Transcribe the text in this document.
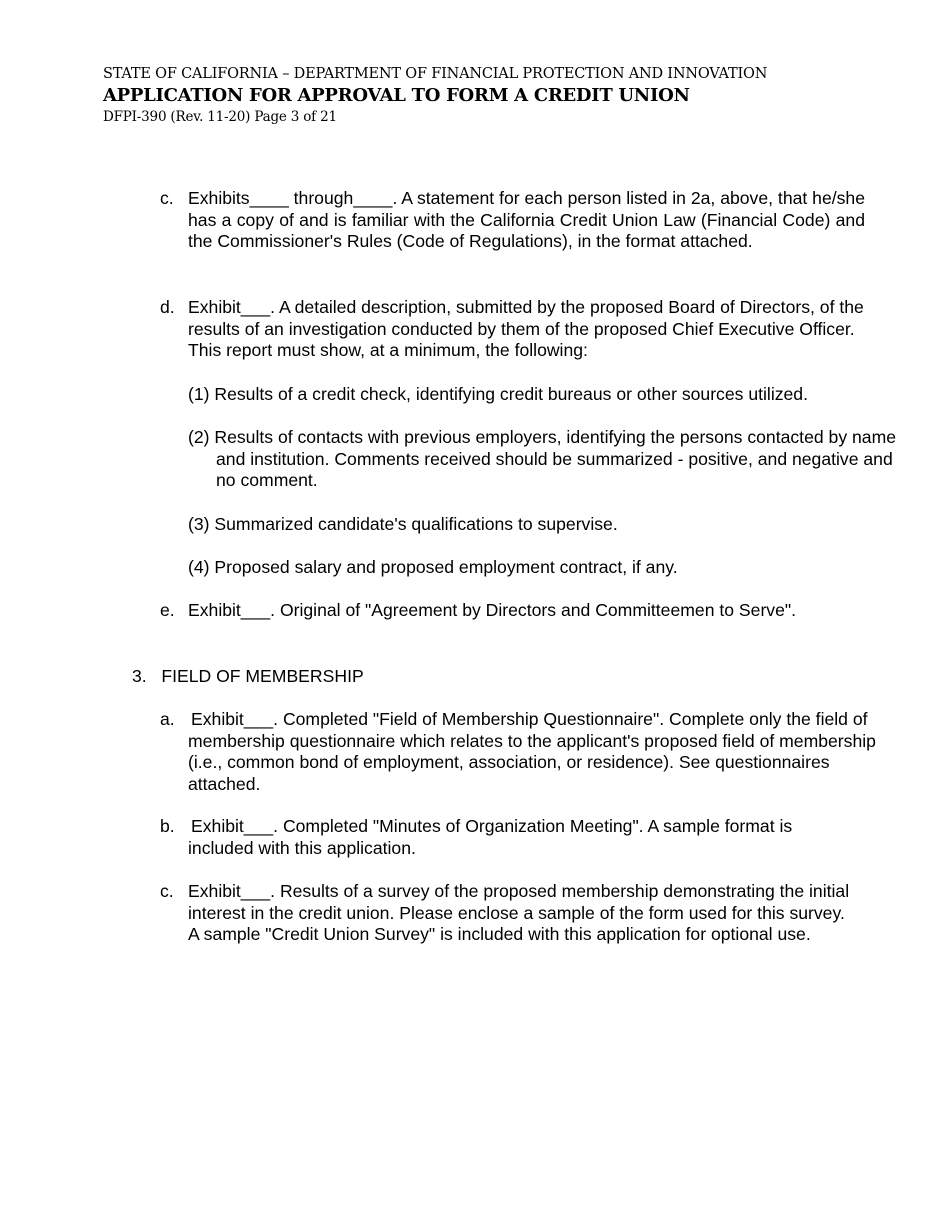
STATE OF CALIFORNIA – DEPARTMENT OF FINANCIAL PROTECTION AND INNOVATION
APPLICATION FOR APPROVAL TO FORM A CREDIT UNION
DFPI-390 (Rev. 11-20) Page 3 of 21
c. Exhibits____ through____. A statement for each person listed in 2a, above, that he/she has a copy of and is familiar with the California Credit Union Law (Financial Code) and the Commissioner's Rules (Code of Regulations), in the format attached.
d. Exhibit___. A detailed description, submitted by the proposed Board of Directors, of the results of an investigation conducted by them of the proposed Chief Executive Officer. This report must show, at a minimum, the following:
(1) Results of a credit check, identifying credit bureaus or other sources utilized.
(2) Results of contacts with previous employers, identifying the persons contacted by name and institution. Comments received should be summarized - positive, and negative and no comment.
(3) Summarized candidate's qualifications to supervise.
(4) Proposed salary and proposed employment contract, if any.
e. Exhibit___. Original of "Agreement by Directors and Committeemen to Serve".
3.   FIELD OF MEMBERSHIP
a. Exhibit___. Completed "Field of Membership Questionnaire". Complete only the field of membership questionnaire which relates to the applicant's proposed field of membership (i.e., common bond of employment, association, or residence). See questionnaires attached.
b. Exhibit___. Completed "Minutes of Organization Meeting". A sample format is included with this application.
c. Exhibit___. Results of a survey of the proposed membership demonstrating the initial interest in the credit union. Please enclose a sample of the form used for this survey. A sample "Credit Union Survey" is included with this application for optional use.
